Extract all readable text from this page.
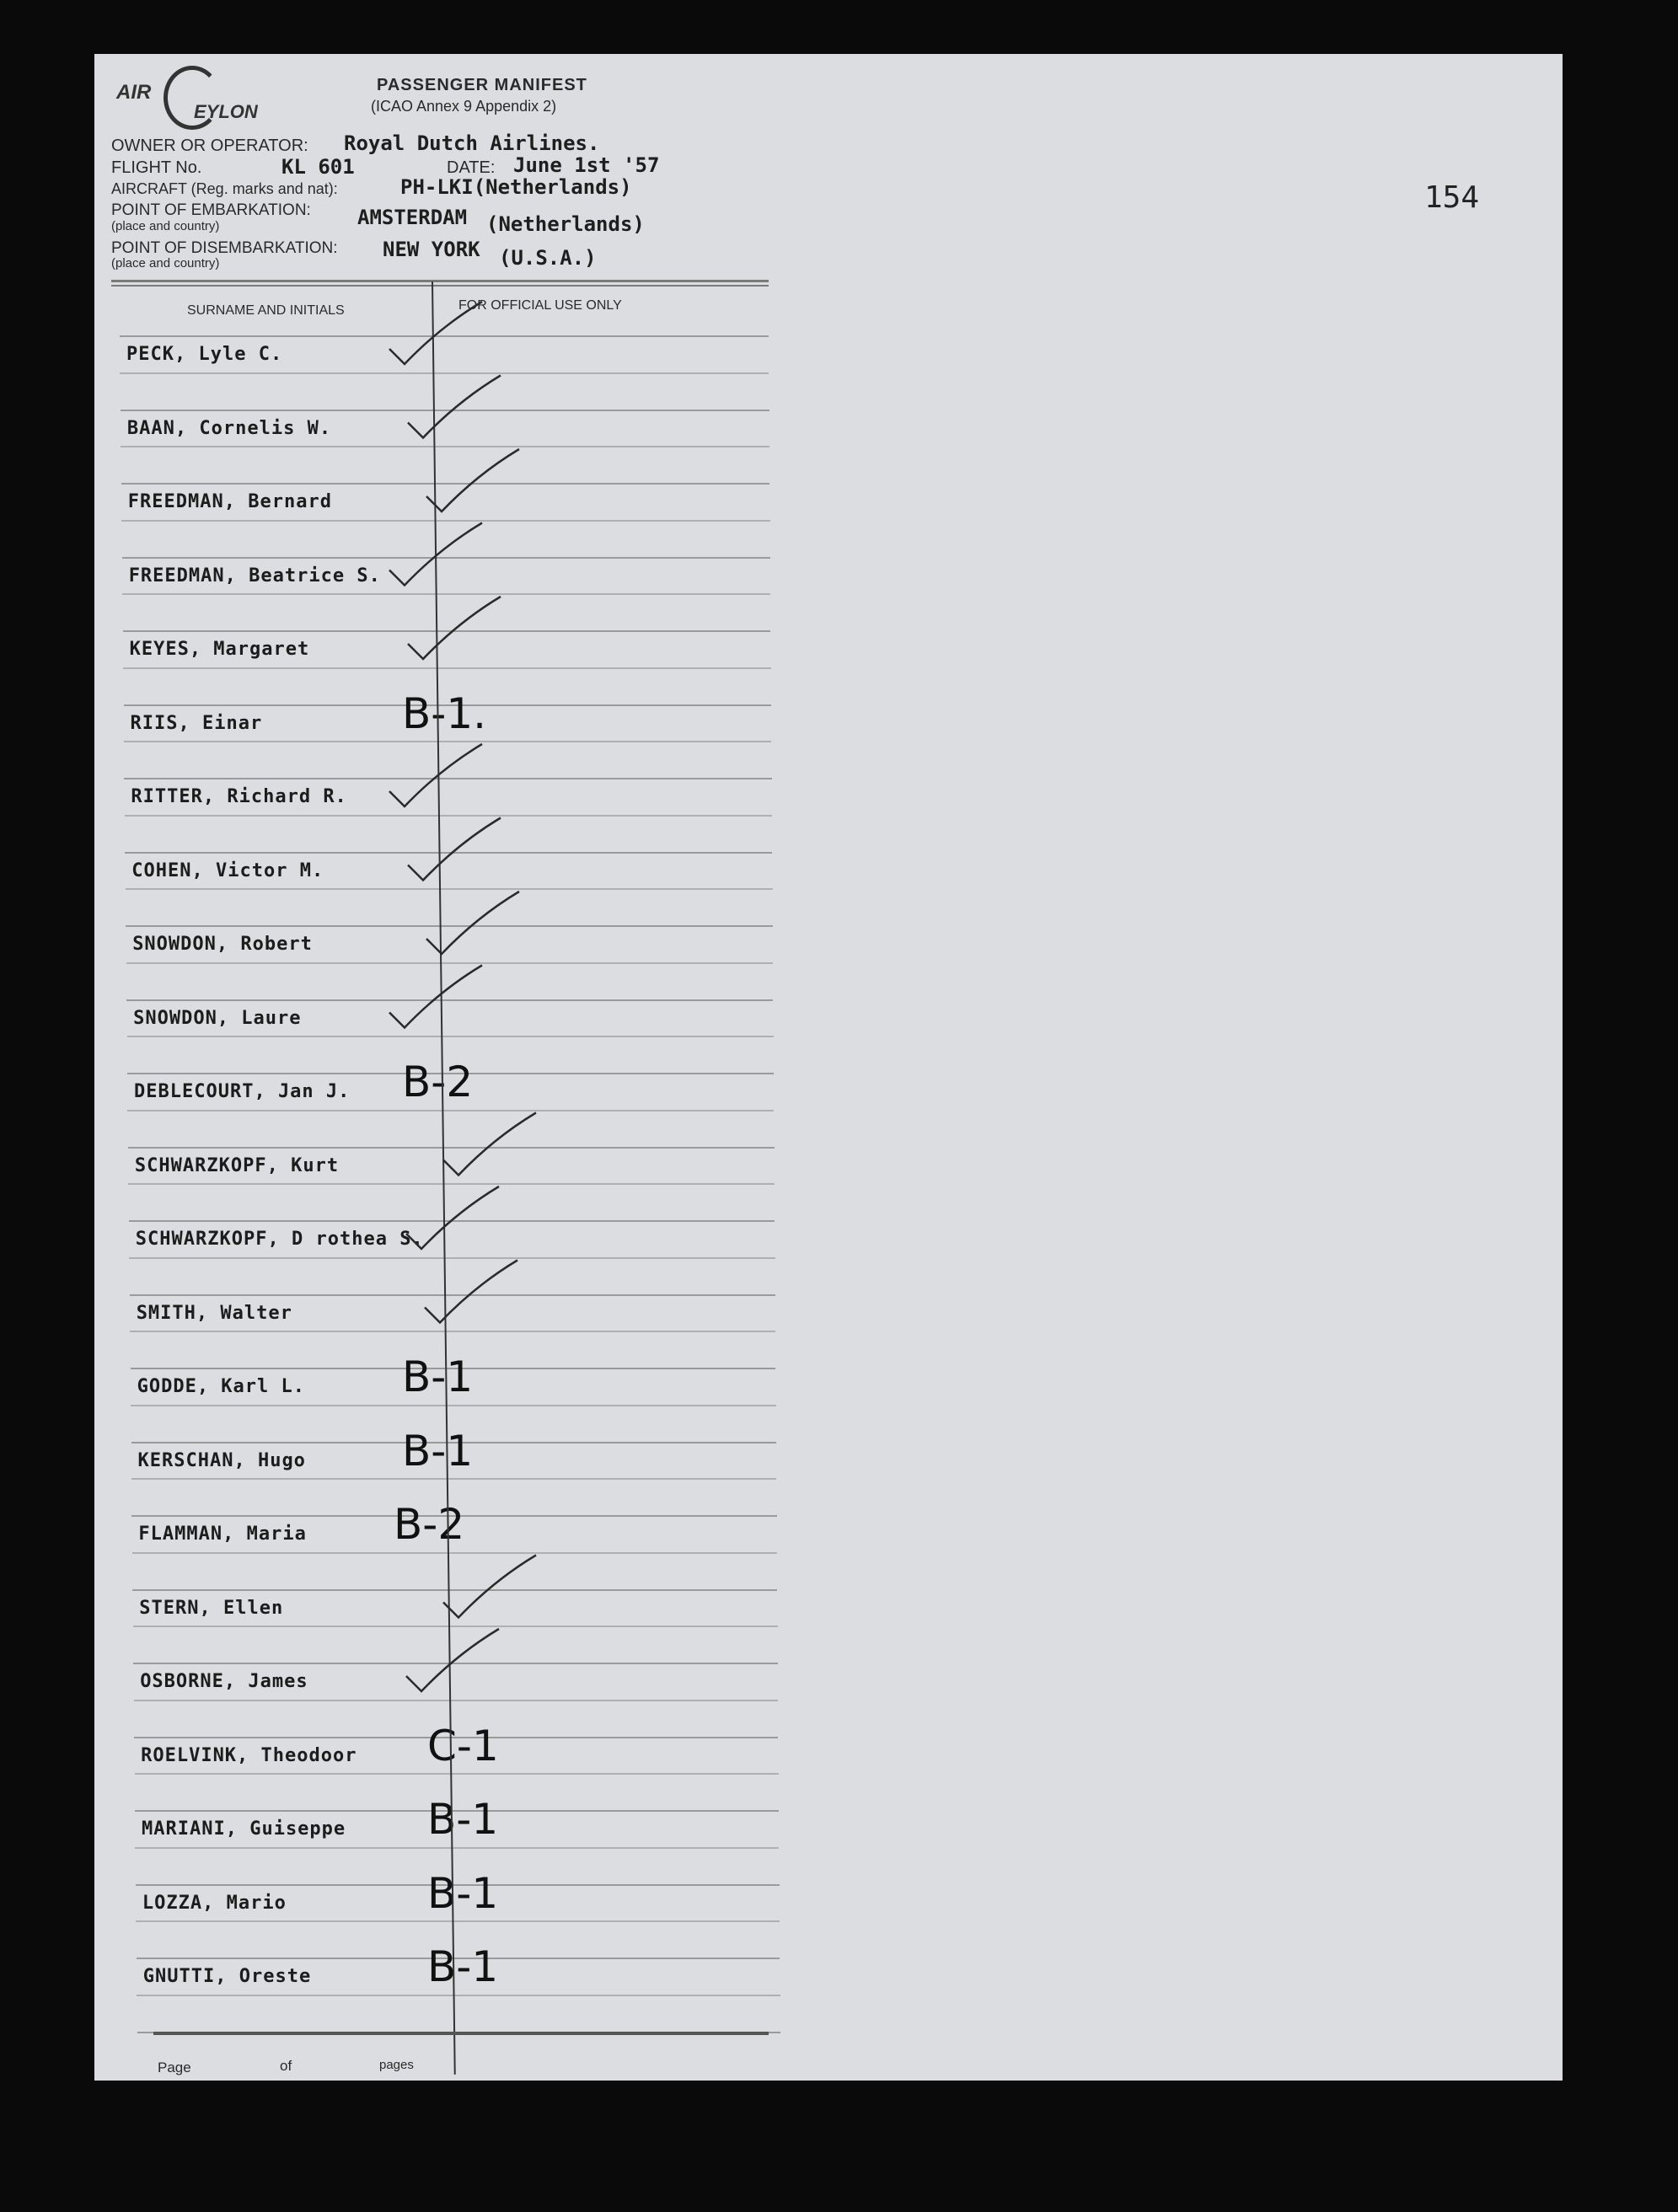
AIR
EYLON
PASSENGER MANIFEST
(ICAO Annex 9 Appendix 2)
OWNER OR OPERATOR: Royal Dutch Airlines.
FLIGHT No.	KL 601	DATE: June 1st '57
AIRCRAFT (Reg. marks and nat):	PH-LKI(Netherlands)
POINT OF EMBARKATION:
(place and country)	AMSTERDAM (Netherlands)
POINT OF DISEMBARKATION:
(place and country)
NEW YORK (U.S.A.)
SURNAME AND INITIALS	FOR OFFICIAL USE ONLY
154
PECK, Lyle C.
BAAN, Cornelis W.
FREEDMAN, Bernard
FREEDMAN, Beatrice S.
KEYES, Margaret
RIIS, Einar	B-1.
RITTER, Richard R.
COHEN, Victor M.
SNOWDON, Robert
SNOWDON, Laure
DEBLECOURT, Jan J. B-2
SCHWARZKOPF, Kurt
SCHWARZKOPF, D rothea S.
SMITH, Walter
GODDE, Karl L. B-1
KERSCHAN, Hugo B-1
FLAMMAN, Maria B-2
STERN, Ellen
OSBORNE, James
ROELVINK, Theodoor C-1
MARIANI, Guiseppe B-1
LOZZA, Mario	B-1
GNUTTI, Oreste	B-1
Page	of	pages
